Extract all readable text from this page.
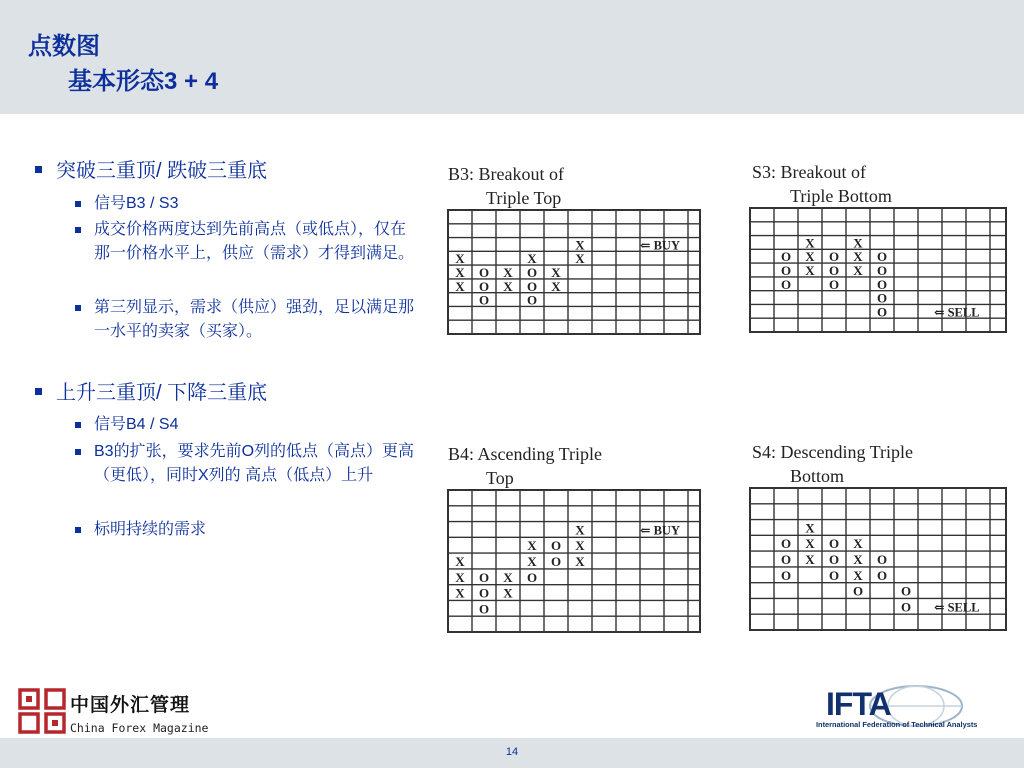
点数图
基本形态3 + 4
突破三重顶/ 跌破三重底
信号B3 / S3
成交价格两度达到先前高点（或低点），仅在那一价格水平上，供应（需求）才得到满足。
第三列显示，需求（供应）强劲，足以满足那一水平的卖家（买家）。
上升三重顶/ 下降三重底
信号B4 / S4
B3的扩张，要求先前O列的低点（高点）更高（更低），同时X列的 高点（低点）上升
标明持续的需求
B3: Breakout of
Triple Top
X
X	X	X
X O X O X
X O X O X
O	O
⇐ BUY
S3: Breakout of
Triple Bottom
X	X
O X O X O
O X O X O
O	O	O
O
O	⇐ SELL
B4: Ascending Triple
Top
X
X O X
X	X O X
X O X O
X O X
O
⇐ BUY
S4: Descending Triple
Bottom
X
O X O X
O X O X O
O	O X O
O	O
O ⇐ SELL
中国外汇管理
China Forex Magazine
IFTA
International Federation of Technical Analysts
14
